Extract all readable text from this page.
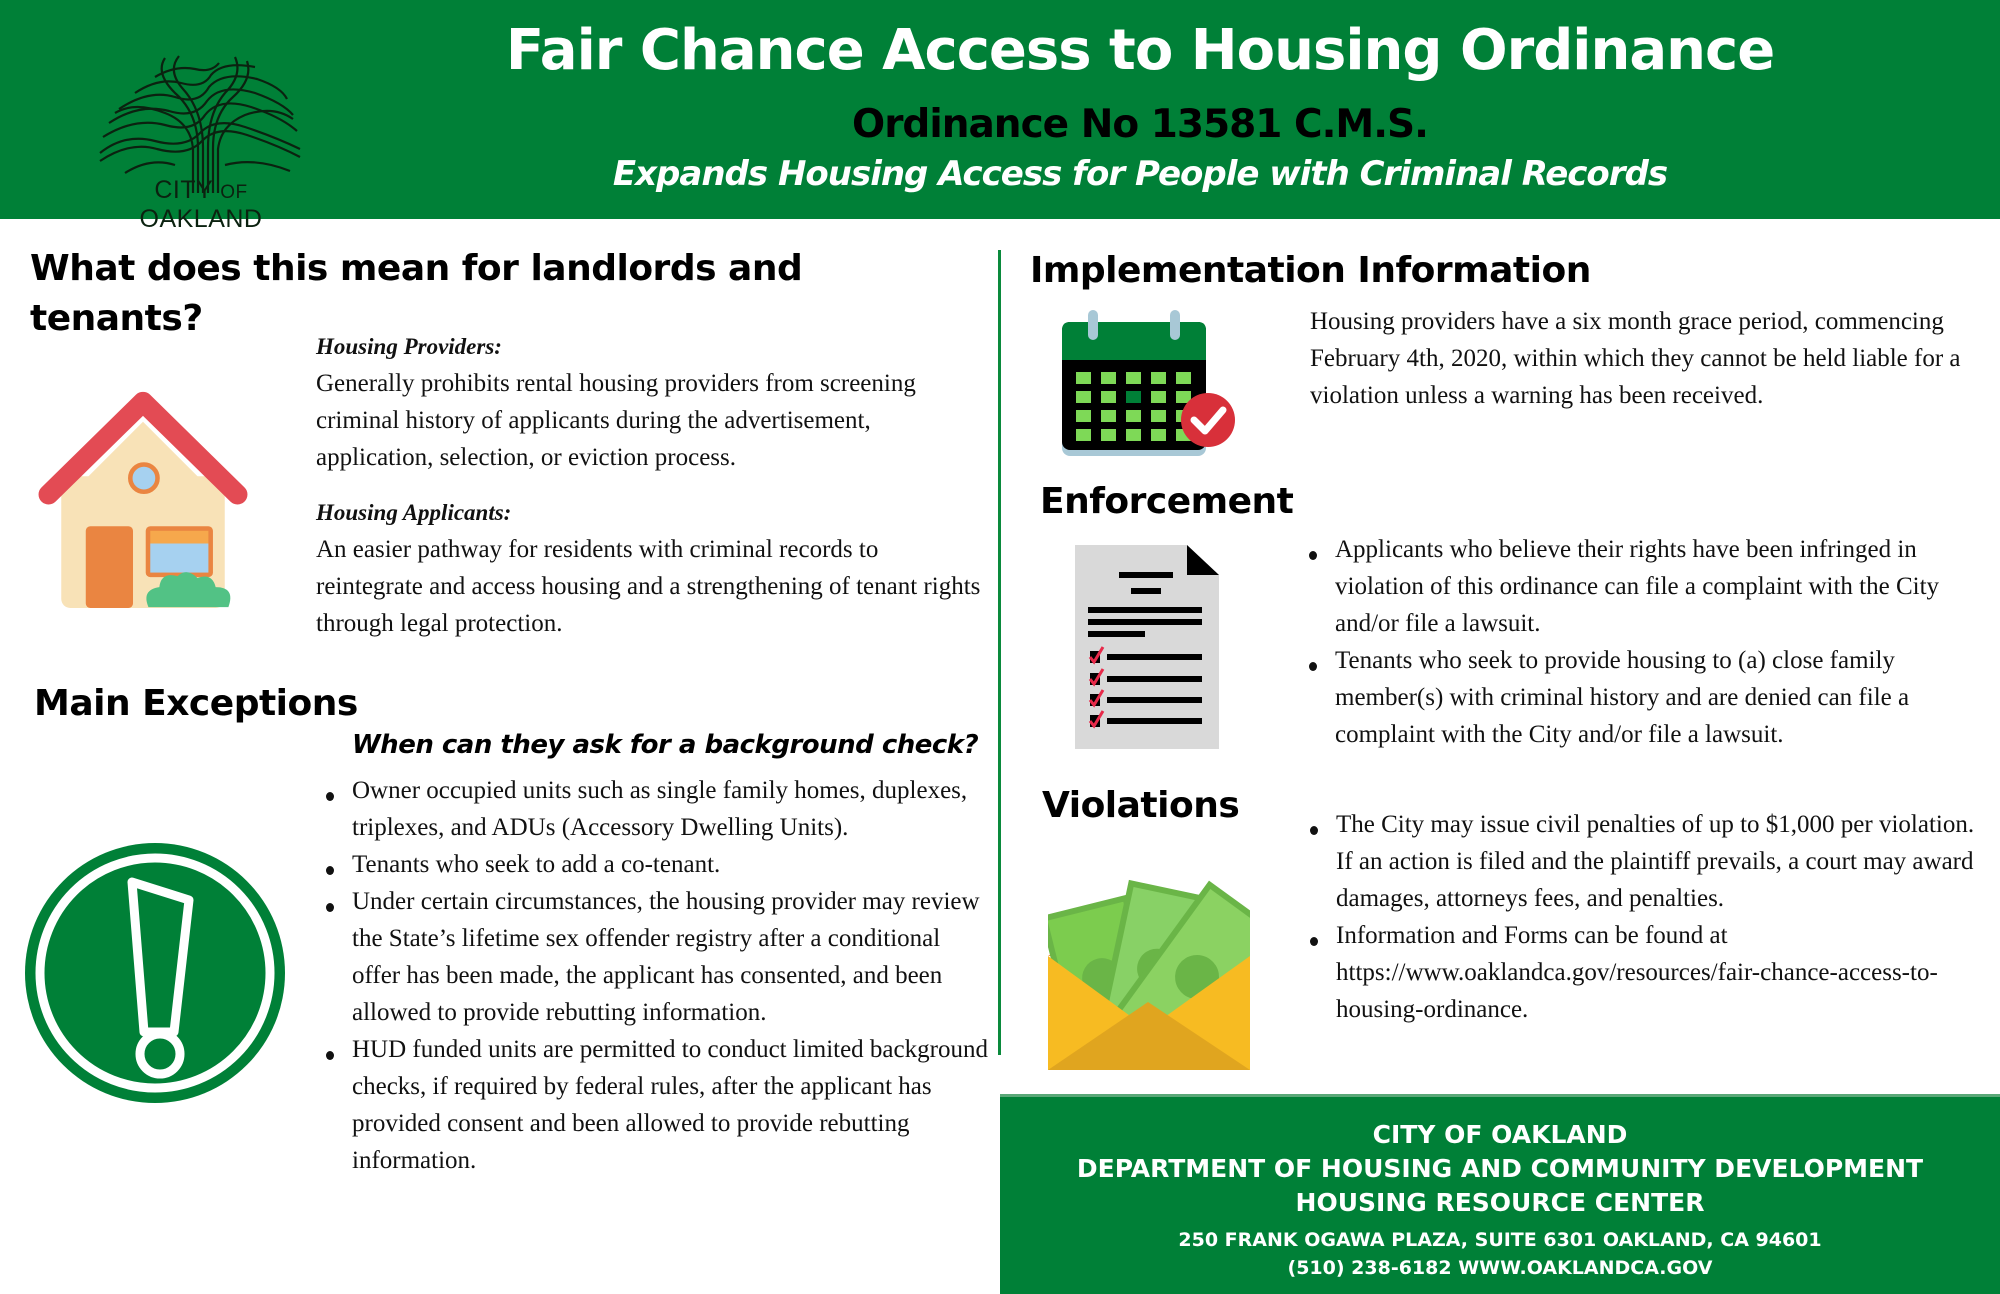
CITY OF OAKLAND
Fair Chance Access to Housing Ordinance
Ordinance No 13581 C.M.S.
Expands Housing Access for People with Criminal Records
What does this mean for landlords and
tenants?
Housing Providers:
Generally prohibits rental housing providers from screening criminal history of applicants during the advertisement, application, selection, or eviction process.
Housing Applicants:
An easier pathway for residents with criminal records to reintegrate and access housing and a strengthening of tenant rights through legal protection.
Main Exceptions
When can they ask for a background check?
Owner occupied units such as single family homes, duplexes, triplexes, and ADUs (Accessory Dwelling Units).
Tenants who seek to add a co-tenant.
Under certain circumstances, the housing provider may review the State’s lifetime sex offender registry after a conditional offer has been made, the applicant has consented, and been allowed to provide rebutting information.
HUD funded units are permitted to conduct limited background checks, if required by federal rules, after the applicant has provided consent and been allowed to provide rebutting information.
Implementation Information
Housing providers have a six month grace period, commencing February 4th, 2020, within which they cannot be held liable for a violation unless a warning has been received.
Enforcement
Applicants who believe their rights have been infringed in violation of this ordinance can file a complaint with the City and/or file a lawsuit.
Tenants who seek to provide housing to (a) close family member(s) with criminal history and are denied can file a complaint with the City and/or file a lawsuit.
Violations	The City may issue civil penalties of up to $1,000 per violation. If an action is filed and the plaintiff prevails, a court may award damages, attorneys fees, and penalties.
Information and Forms can be found at https://www.oaklandca.gov/resources/fair-chance-access-to-housing-ordinance.
CITY OF OAKLAND
DEPARTMENT OF HOUSING AND COMMUNITY DEVELOPMENT
HOUSING RESOURCE CENTER
250 FRANK OGAWA PLAZA, SUITE 6301 OAKLAND, CA 94601
(510) 238-6182 WWW.OAKLANDCA.GOV
